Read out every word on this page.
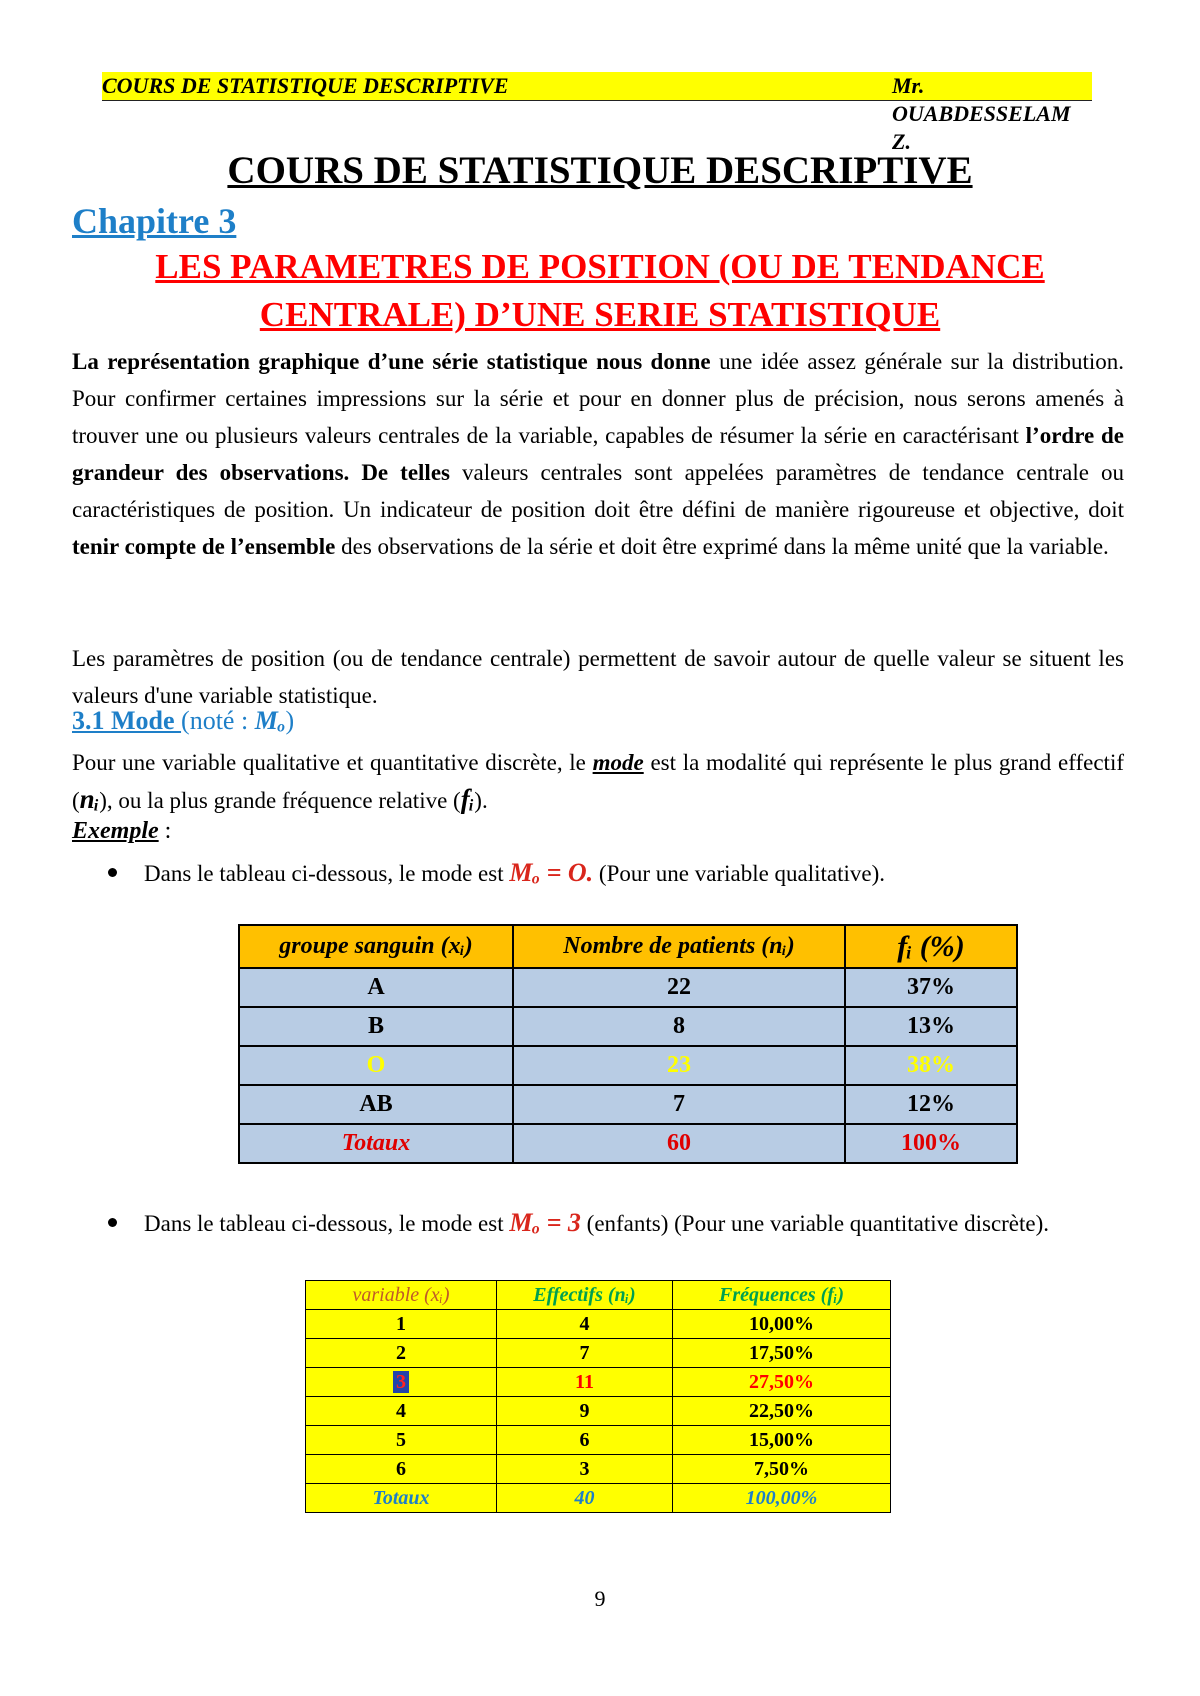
COURS DE STATISTIQUE DESCRIPTIVE	Mr. OUABDESSELAM Z.
COURS DE STATISTIQUE DESCRIPTIVE
Chapitre 3
LES PARAMETRES DE POSITION (OU DE TENDANCE
CENTRALE) D’UNE SERIE STATISTIQUE
La représentation graphique d’une série statistique nous donne une idée assez générale sur la distribution. Pour confirmer certaines impressions sur la série et pour en donner plus de précision, nous serons amenés à trouver une ou plusieurs valeurs centrales de la variable, capables de résumer la série en caractérisant l’ordre de grandeur des observations. De telles valeurs centrales sont appelées paramètres de tendance centrale ou caractéristiques de position. Un indicateur de position doit être défini de manière rigoureuse et objective, doit tenir compte de l’ensemble des observations de la série et doit être exprimé dans la même unité que la variable.
Les paramètres de position (ou de tendance centrale) permettent de savoir autour de quelle valeur se situent les valeurs d'une variable statistique.
3.1 Mode (noté : Mₒ)
Pour une variable qualitative et quantitative discrète, le mode est la modalité qui représente le plus grand effectif (nᵢ), ou la plus grande fréquence relative (fᵢ).
Exemple :
Dans le tableau ci-dessous, le mode est Mₒ = O. (Pour une variable qualitative).
groupe sanguin (xᵢ)	Nombre de patients (nᵢ)	fᵢ (%)
A	22	37%
B	8	13%
O	23	38%
AB	7	12%
Totaux	60	100%
Dans le tableau ci-dessous, le mode est Mₒ = 3 (enfants) (Pour une variable quantitative discrète).
variable (xᵢ)	Effectifs (nᵢ)	Fréquences (fᵢ)
1	4	10,00%
2	7	17,50%
3	11	27,50%
4	9	22,50%
5	6	15,00%
6	3	7,50%
Totaux	40	100,00%
9
